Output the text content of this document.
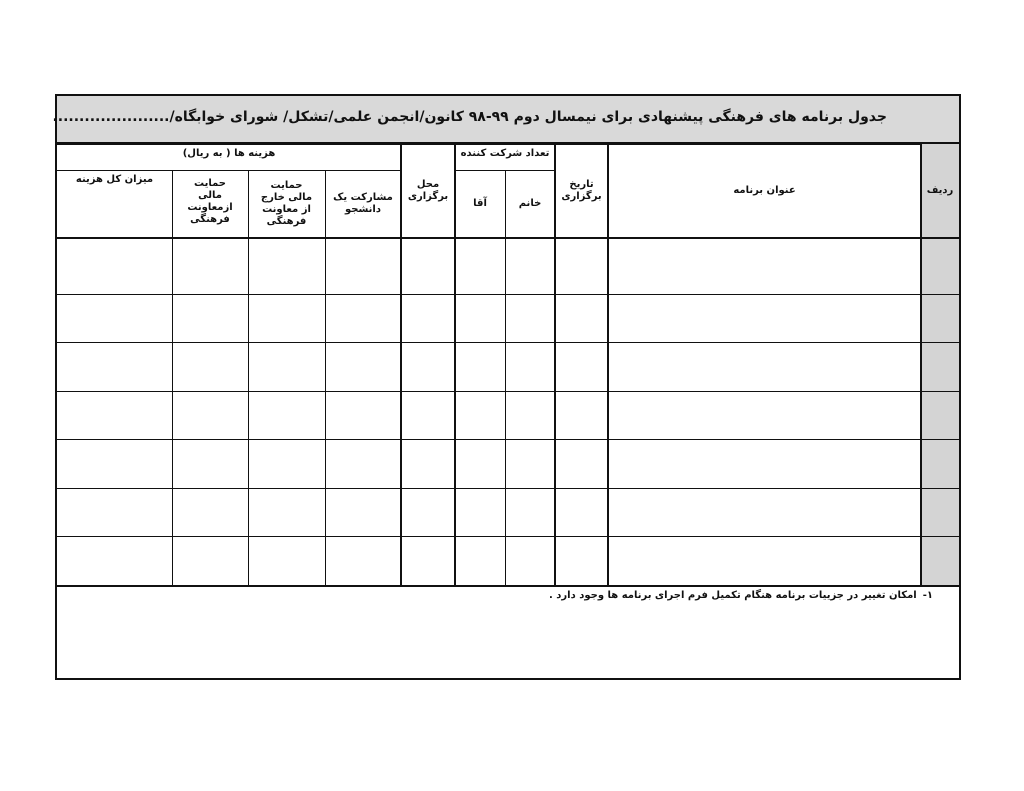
جدول برنامه های فرهنگی پیشنهادی برای نیمسال دوم ۹۹-۹۸ کانون/انجمن علمی/تشکل/ شورای خوابگاه/......................
ردیف
عنوان برنامه
تاریخ برگزاری
تعداد شرکت کننده
خانم
آقا
محل برگزاری
هزینه ها ( به ریال)
مشارکت یک دانشجو
حمایت مالی خارج از معاونت فرهنگی
حمایت مالی ازمعاونت فرهنگی
میزان کل هزینه
۱-امکان تغییر در جزییات برنامه هنگام تکمیل فرم اجرای برنامه ها وجود دارد .
